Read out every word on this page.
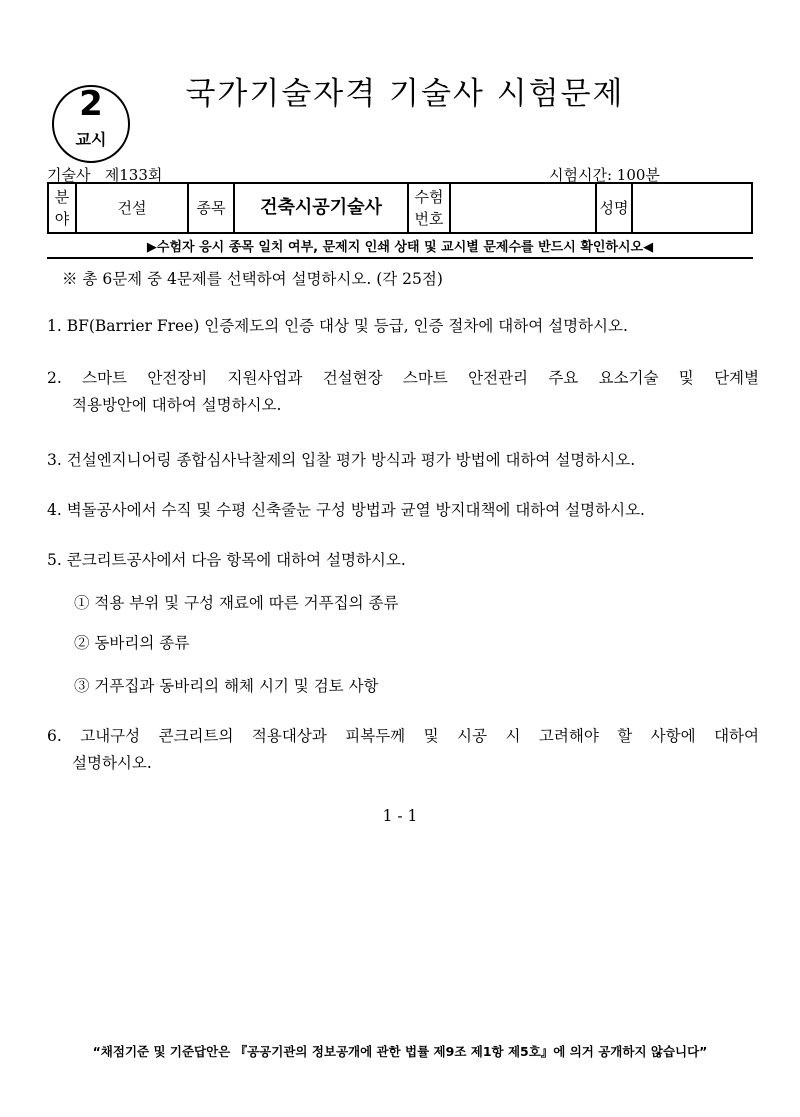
2
교시
국가기술자격 기술사 시험문제
기술사   제133회	시험시간: 100분
분야	건설	종목	건축시공기술사	수험번호		성명	
▶수험자 응시 종목 일치 여부, 문제지 인쇄 상태 및 교시별 문제수를 반드시 확인하시오◀
※ 총 6문제 중 4문제를 선택하여 설명하시오. (각 25점)
1. BF(Barrier Free) 인증제도의 인증 대상 및 등급, 인증 절차에 대하여 설명하시오.
2. 스마트 안전장비 지원사업과 건설현장 스마트 안전관리 주요 요소기술 및 단계별
적용방안에 대하여 설명하시오.
3. 건설엔지니어링 종합심사낙찰제의 입찰 평가 방식과 평가 방법에 대하여 설명하시오.
4. 벽돌공사에서 수직 및 수평 신축줄눈 구성 방법과 균열 방지대책에 대하여 설명하시오.
5. 콘크리트공사에서 다음 항목에 대하여 설명하시오.
① 적용 부위 및 구성 재료에 따른 거푸집의 종류
② 동바리의 종류
③ 거푸집과 동바리의 해체 시기 및 검토 사항
6. 고내구성 콘크리트의 적용대상과 피복두께 및 시공 시 고려해야 할 사항에 대하여
설명하시오.
1 - 1
“채점기준 및 기준답안은 『공공기관의 정보공개에 관한 법률 제9조 제1항 제5호』에 의거 공개하지 않습니다”
